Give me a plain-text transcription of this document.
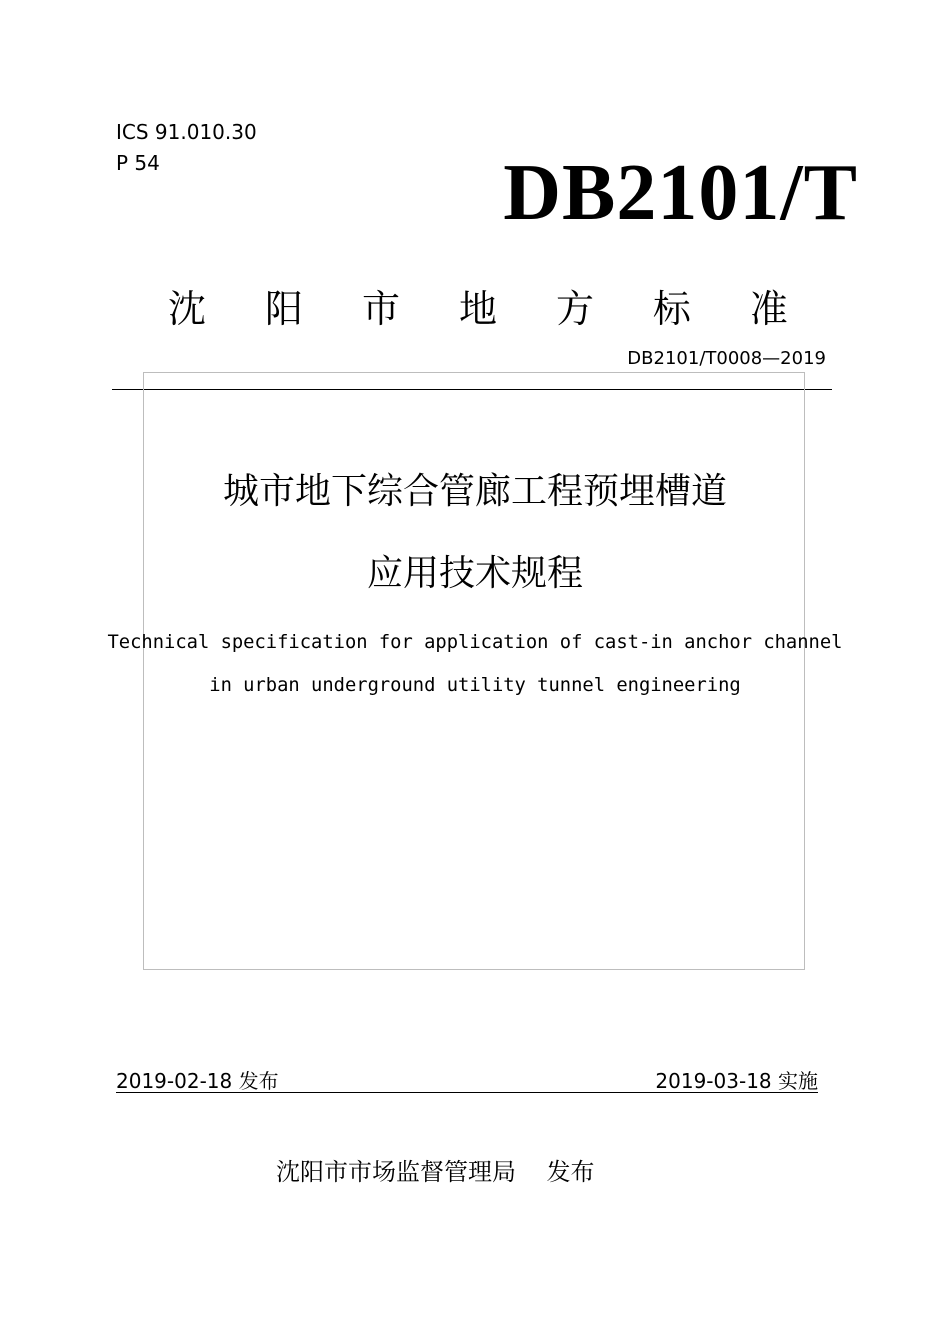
ICS 91.010.30
P 54	DB2101/T
沈 阳 市 地 方 标 准
DB2101/T0008—2019
城市地下综合管廊工程预埋槽道
应用技术规程
Technical specification for application of cast-in anchor channel
in urban underground utility tunnel engineering
2019-02-18 发布	2019-03-18 实施
沈阳市市场监督管理局    发布
